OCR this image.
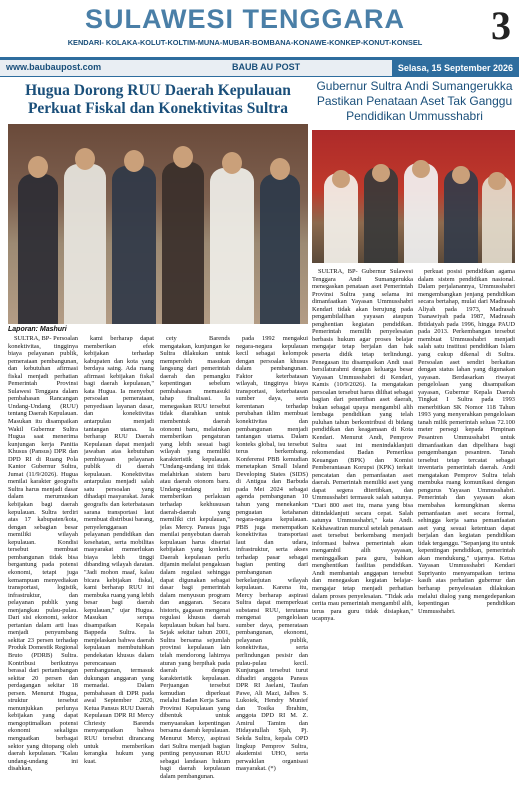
SULAWESI TENGGARA
KENDARI- KOLAKA-KOLUT-KOLTIM-MUNA-MUBAR-BOMBANA-KONAWE-KONKEP-KONUT-KONSEL	3
www.baubaupost.com	BAUB AU POST	Selasa, 15 September 2026
Hugua Dorong RUU Daerah Kepulauan Perkuat Fiskal dan Konektivitas Sultra
Laporan: Mashuri

SULTRA, BP- Persoalan konektivitas, tingginya biaya pelayanan publik, pemerataan pembangunan, dan kebutuhan afirmasi fiskal menjadi perhatian Pemerintah Provinsi Sulawesi Tenggara dalam pembahasan Rancangan Undang-Undang (RUU) tentang Daerah Kepulauan. Masukan itu disampaikan Wakil Gubernur Sultra Hugua saat menerima kunjungan kerja Panitia Khusus (Pansus) DPR dan DPD RI di Ruang Pola Kantor Gubernur Sultra, Jumat (11/9/2026). Hugua menilai karakter geografis Sultra harus menjadi dasar dalam merumuskan kebijakan bagi daerah kepulauan. Sultra terdiri atas 17 kabupaten/kota, dengan sebagian besar memiliki wilayah kepulauan. Kondisi tersebut membuat pembangunan tidak bisa bergantung pada potensi ekonomi, tetapi juga kemampuan menyediakan transportasi, logistik, infrastruktur, dan pelayanan publik yang menjangkau pulau-pulau. Dari sisi ekonomi, sektor pertanian dalam arti luas menjadi penyumbang sekitar 23 persen terhadap Produk Domestik Regional Bruto (PDRB) Sultra. Kontribusi berikutnya berasal dari pertambangan sekitar 20 persen dan perdagangan sekitar 18 persen. Menurut Hugua, struktur tersebut menunjukkan perlunya kebijakan yang dapat mengoptimalkan potensi ekonomi sekaligus menguatkan berbagai sektor yang ditopang oleh daerah kepulauan. "Kalau undang-undang ini disahkan,

kami berharap dapat memberikan efek kebijakan terhadap kabupaten dan kota yang berdaya saing. Ada ruang afirmasi kebijakan fiskal bagi daerah kepulauan," kata Hugua. Ia menyebut persoalan pemerataan, penyediaan layanan dasar, dan konektivitas antarpulau menjadi tantangan utama. Ia berharap RUU Daerah Kepulauan dapat menjadi jawaban atas kebutuhan pembiayaan pelayanan publik di daerah kepulauan. Konektivitas antarpulau menjadi salah satu persoalan yang dihadapi masyarakat. Jarak geografis dan keterbatasan sarana transportasi laut membuat distribusi barang, penyelenggaraan pelayanan pendidikan dan kesehatan, serta mobilitas masyarakat memerlukan biaya lebih tinggi dibanding wilayah daratan. "Jadi mohon maaf, kalau bicara kebijakan fiskal, kami berharap RUU ini membuka ruang yang lebih besar bagi daerah kepulauan," ujar Hugua. Masukan serupa disampaikan Kepala Bappeda Sultra. Ia menjelaskan bahwa daerah kepulauan membutuhkan pendekatan khusus dalam perencanaan pembangunan, termasuk dukungan anggaran yang memadai. Dalam pembahasan di DPR pada awal September 2026, Ketua Pansus RUU Daerah Kepulauan DPR RI Mercy Chriesty Barends menyampaikan bahwa RUU tersebut dirancang untuk memberikan kerangka hukum yang kuat.

cety Barends mengatakan, kunjungan ke Sultra dilakukan untuk memperoleh masukan langsung dari pemerintah daerah dan pemangku kepentingan sebelum pembahasan memasuki tahap finalisasi. Ia menegaskan RUU tersebut tidak diarahkan untuk membentuk daerah otonomi baru, melainkan memberikan pengaturan yang lebih sesuai bagi wilayah yang memiliki karakteristik kepulauan. "Undang-undang ini tidak melahirkan sistem baru atau daerah otonom baru. Undang-undang ini memberikan perlakuan terhadap kekhususan daerah-daerah yang memiliki ciri kepulauan," jelas Mercy. Pansus juga menilai penyebutan daerah kepulauan harus disertai kebijakan yang konkret. Daerah kepulauan perlu dijamin melalui pengakuan dalam regulasi sehingga dapat digunakan sebagai dasar bagi pemerintah dalam menyusun program dan anggaran. Secara historis, gagasan mengenai regulasi khusus daerah kepulauan bukan hal baru. Sejak sekitar tahun 2001, Sultra bersama sejumlah provinsi kepulauan lain telah mendorong lahirnya aturan yang berpihak pada daerah dengan karakteristik kepulauan. Perjuangan tersebut kemudian diperkuat melalui Badan Kerja Sama Provinsi Kepulauan yang dibentuk untuk menyuarakan kepentingan bersama daerah kepulauan. Menurut Mercy, aspirasi dari Sultra menjadi bagian penting penyusunan RUU sebagai landasan hukum bagi daerah kepulauan dalam pembangunan.

pada 1992 mengakui negara-negara kepulauan kecil sebagai kelompok dengan persoalan khusus dalam pembangunan. Faktor keterbatasan wilayah, tingginya biaya transportasi, keterbatasan sumber daya, serta kerentanan terhadap perubahan iklim membuat konektivitas dan pembangunan menjadi tantangan utama. Dalam konteks global, isu tersebut terus berkembang. Konferensi PBB kemudian menetapkan Small Island Developing States (SIDS) di Antigua dan Barbuda pada Mei 2024 sebagai agenda pembangunan 10 tahun yang menekankan penguatan ketahanan negara-negara kepulauan. PBB juga menempatkan konektivitas transportasi laut dan udara, infrastruktur, serta akses terhadap pasar sebagai bagian penting dari pembangunan berkelanjutan wilayah kepulauan. Karena itu, Mercy berharap aspirasi Sultra dapat memperkuat substansi RUU, terutama mengenai pengelolaan sumber daya, pemerataan pembangunan, ekonomi, pelayanan publik, konektivitas, serta perlindungan pesisir dan pulau-pulau kecil. Kunjungan tersebut turut dihadiri anggota Pansus DPR RI Jaelani, Taufan Pawe, Ali Mazi, Jalhes S. Lukoiek, Hendry Munief dan Tosika Ibrahim, anggota DPD RI M. Z. Amirul Tamim dan Hidayatullah Sjah, Pj. Sekda Sultra, kepala OPD lingkup Pemprov Sultra, akademisi UHO, serta perwakilan organisasi masyarakat. (*)

Gubernur Sultra Andi Sumangerukka Pastikan Penataan Aset Tak Ganggu Pendidikan Ummusshabri

SULTRA, BP- Gubernur Sulawesi Tenggara Andi Sumangerukka menegaskan penataan aset Pemerintah Provinsi Sultra yang selama ini dimanfaatkan Yayasan Ummusshabri Kendari tidak akan berujung pada pengambilalihan yayasan ataupun penghentian kegiatan pendidikan. Pemerintah memilih penyelesaian berbasis hukum agar proses belajar mengajar tetap berjalan dan hak peserta didik tetap terlindungi. Penegasan itu disampaikan Andi usai bersilaturahmi dengan keluarga besar Yayasan Ummusshabri di Kendari, Kamis (10/9/2026). Ia mengatakan persoalan tersebut harus dilihat sebagai bagian dari penertiban aset daerah, bukan sebagai upaya mengambil alih lembaga pendidikan yang telah puluhan tahun berkontribusi di bidang pendidikan dan keagamaan di Kota Kendari. Menurut Andi, Pemprov Sultra saat ini menindaklanjuti rekomendasi Badan Pemeriksa Keuangan (BPK) dan Komisi Pemberantasan Korupsi (KPK) terkait pencatatan dan pemanfaatan aset daerah. Pemerintah memiliki aset yang dapat segera ditertibkan, dan Ummusshabri termasuk salah satunya. "Dari 800 aset itu, mana yang bisa ditindaklanjuti secara cepat. Salah satunya Ummusshabri," kata Andi. Kekhawatiran muncul setelah penataan aset tersebut berkembang menjadi informasi bahwa pemerintah akan mengambil alih yayasan, meninggalkan para guru, bahkan menghentikan fasilitas pendidikan. Andi membantah anggapan tersebut dan menegaskan kegiatan belajar-mengajar tetap menjadi perhatian dalam proses penyelesaian. "Tidak ada cerita mau pemerintah mengambil alih, terus para guru tidak disiapkan," ucapnya.

perkuat posisi pendidikan agama dalam sistem pendidikan nasional. Dalam perjalanannya, Ummusshabri mengembangkan jenjang pendidikan secara bertahap, mulai dari Madrasah Aliyah pada 1973, Madrasah Tsanawiyah pada 1987, Madrasah Ibtidaiyah pada 1996, hingga PAUD pada 2013. Perkembangan tersebut membuat Ummusshabri menjadi salah satu institusi pendidikan Islam yang cukup dikenal di Sultra. Persoalan aset sendiri berkaitan dengan status lahan yang digunakan yayasan. Berdasarkan riwayat pengelolaan yang disampaikan yayasan, Gubernur Kepala Daerah Tingkat I Sultra pada 1993 menerbitkan SK Nomor 118 Tahun 1993 yang menyerahkan pengelolaan tanah milik pemerintah seluas 72.100 meter persegi kepada Pimpinan Pesantren Ummusshabri untuk dimanfaatkan dan dipelihara bagi pengembangan pesantren. Tanah tersebut tetap tercatat sebagai inventaris pemerintah daerah. Andi mengatakan Pemprov Sultra telah membuka ruang komunikasi dengan pengurus Yayasan Ummusshabri. Pemerintah dan yayasan akan membahas kemungkinan skema pemanfaatan aset secara formal, sehingga kerja sama pemanfaatan aset yang sesuai ketentuan dapat berjalan dan kegiatan pendidikan tidak terganggu. "Sepanjang itu untuk kepentingan pendidikan, pemerintah akan mendukung," ujarnya. Ketua Yayasan Ummusshabri Kendari Supriyanto menyampaikan terima kasih atas perhatian gubernur dan berharap penyelesaian dilakukan melalui dialog yang mengedepankan kepentingan pendidikan Ummusshabri.
